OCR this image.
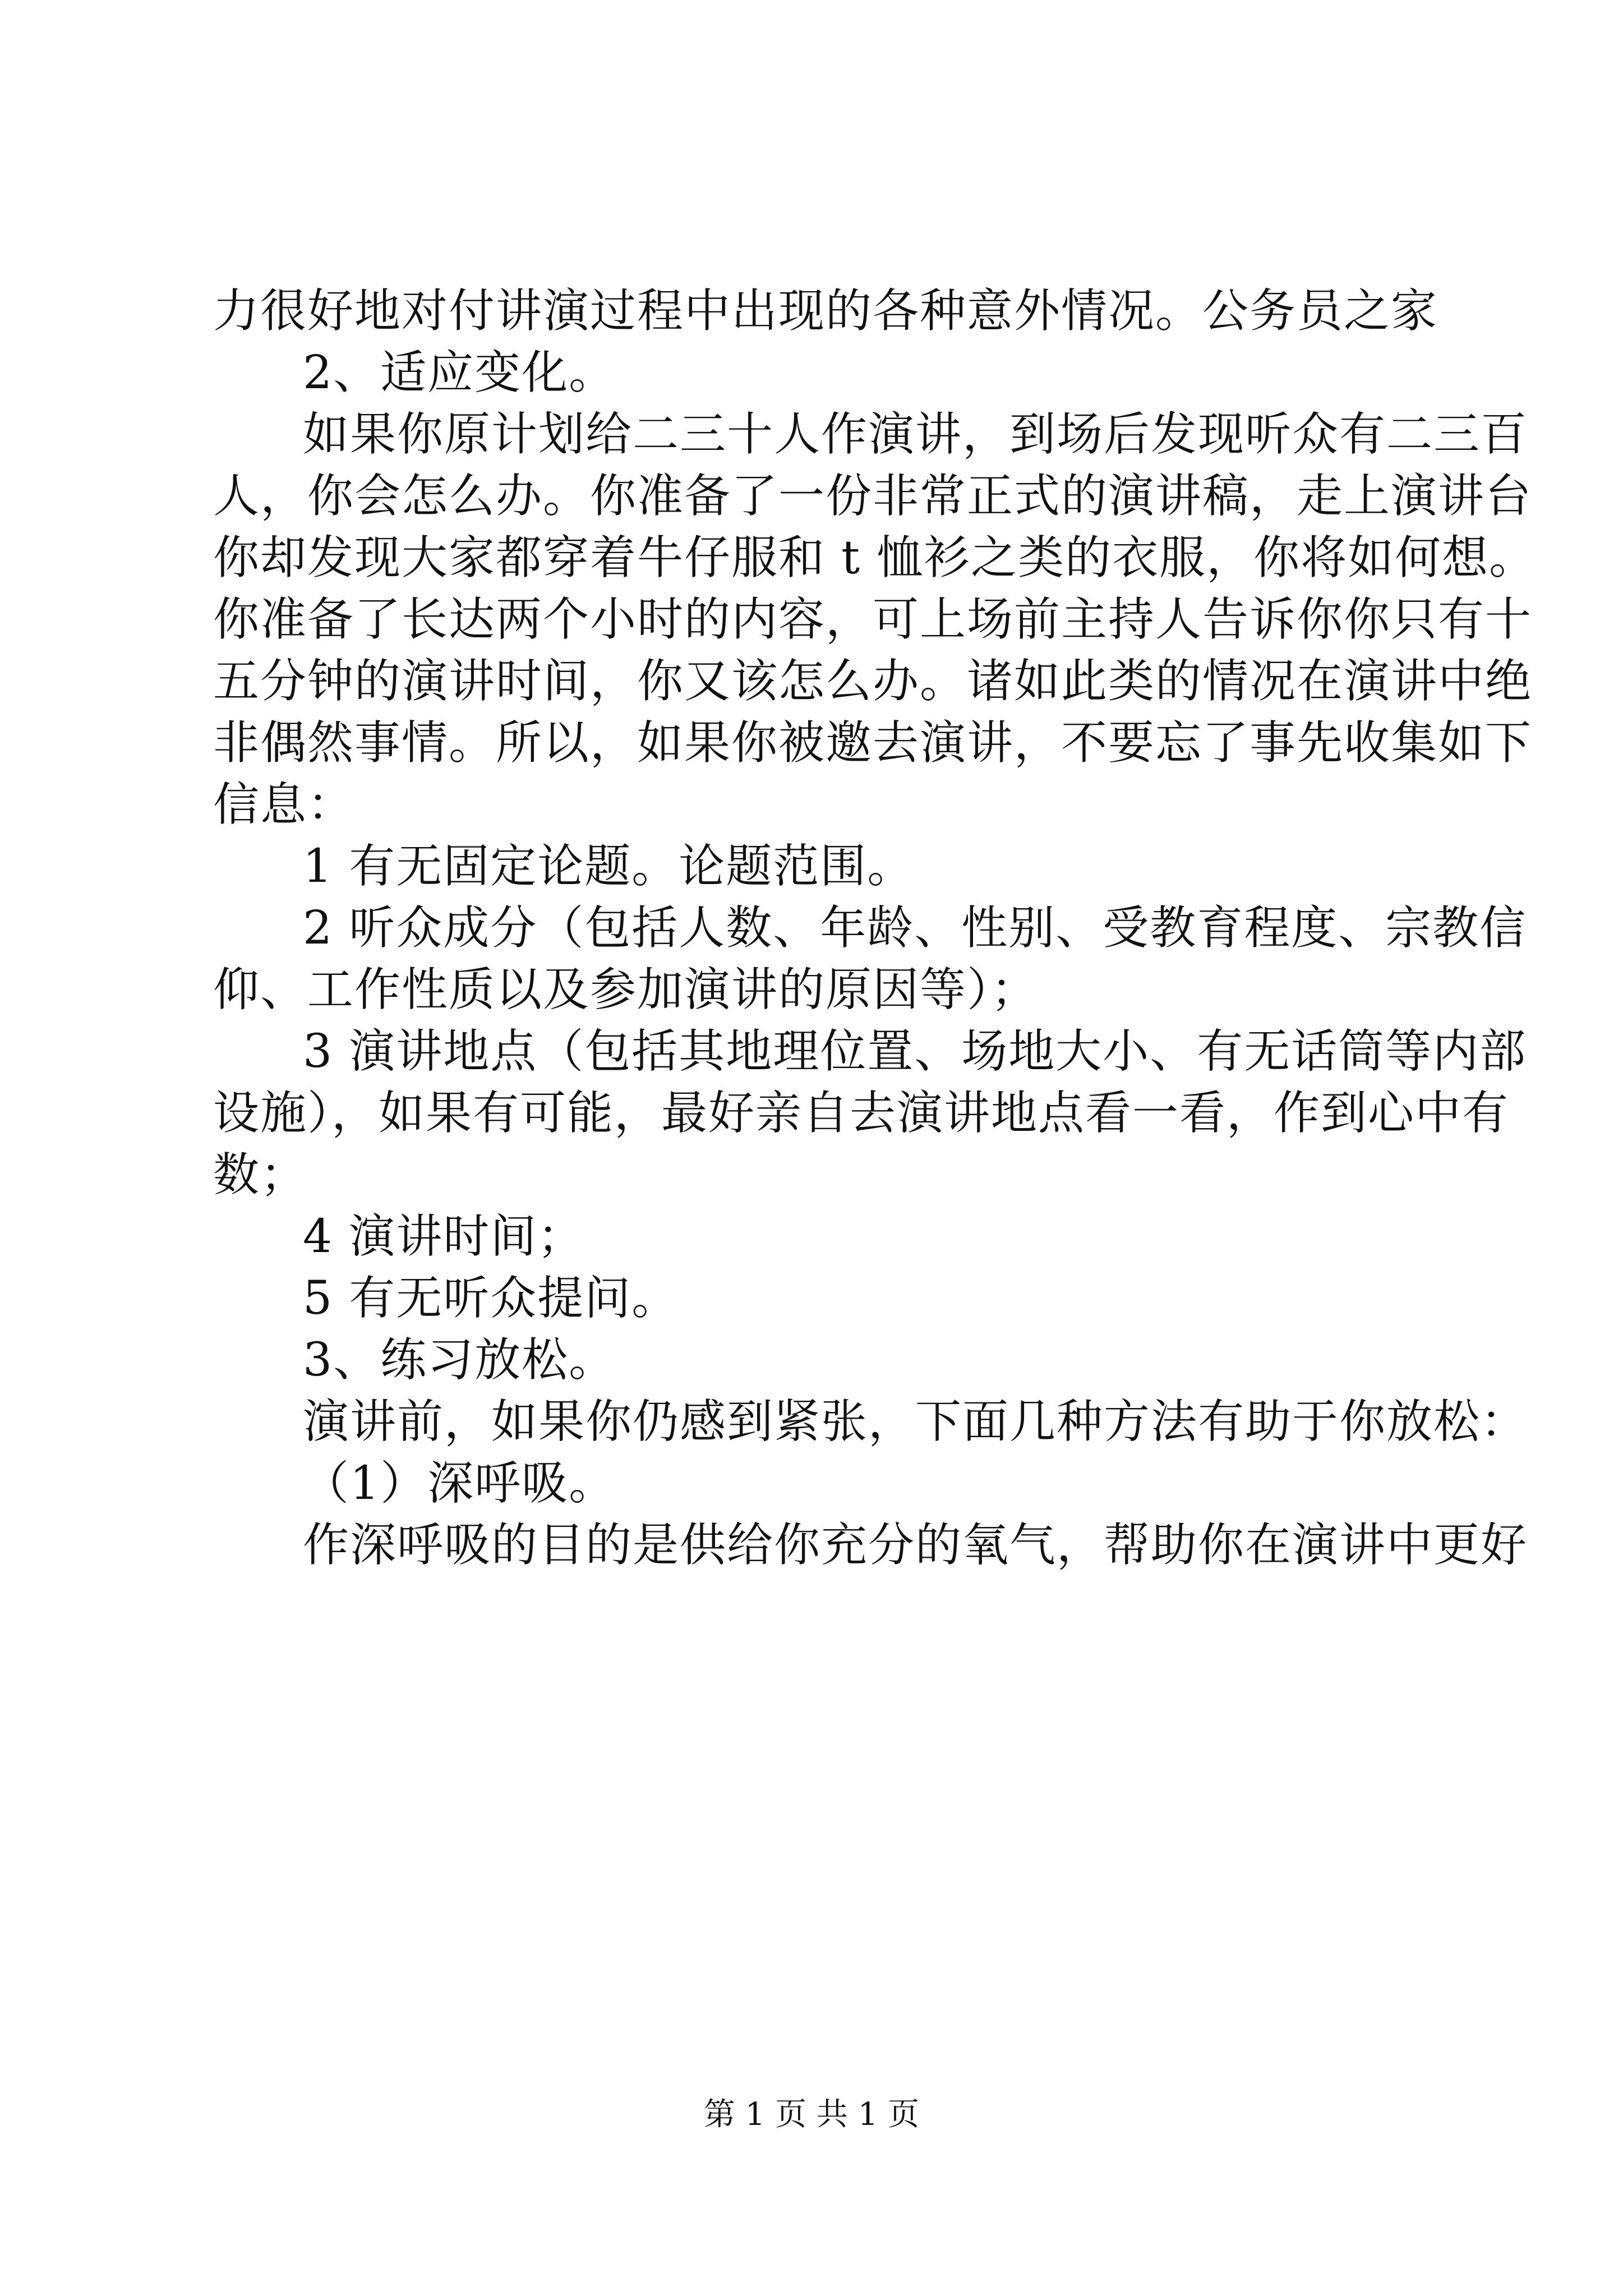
力很好地对付讲演过程中出现的各种意外情况。公务员之家
2、适应变化。
如果你原计划给二三十人作演讲，到场后发现听众有二三百
人，你会怎么办。你准备了一份非常正式的演讲稿，走上演讲台
你却发现大家都穿着牛仔服和 t 恤衫之类的衣服，你将如何想。
你准备了长达两个小时的内容，可上场前主持人告诉你你只有十
五分钟的演讲时间，你又该怎么办。诸如此类的情况在演讲中绝
非偶然事情。所以，如果你被邀去演讲，不要忘了事先收集如下
信息：
1 有无固定论题。论题范围。
2 听众成分（包括人数、年龄、性别、受教育程度、宗教信
仰、工作性质以及参加演讲的原因等）；
3 演讲地点（包括其地理位置、场地大小、有无话筒等内部
设施），如果有可能，最好亲自去演讲地点看一看，作到心中有
数；
4 演讲时间；
5 有无听众提问。
3、练习放松。
演讲前，如果你仍感到紧张，下面几种方法有助于你放松：
（1）深呼吸。
作深呼吸的目的是供给你充分的氧气，帮助你在演讲中更好
第 1 页 共 1 页
